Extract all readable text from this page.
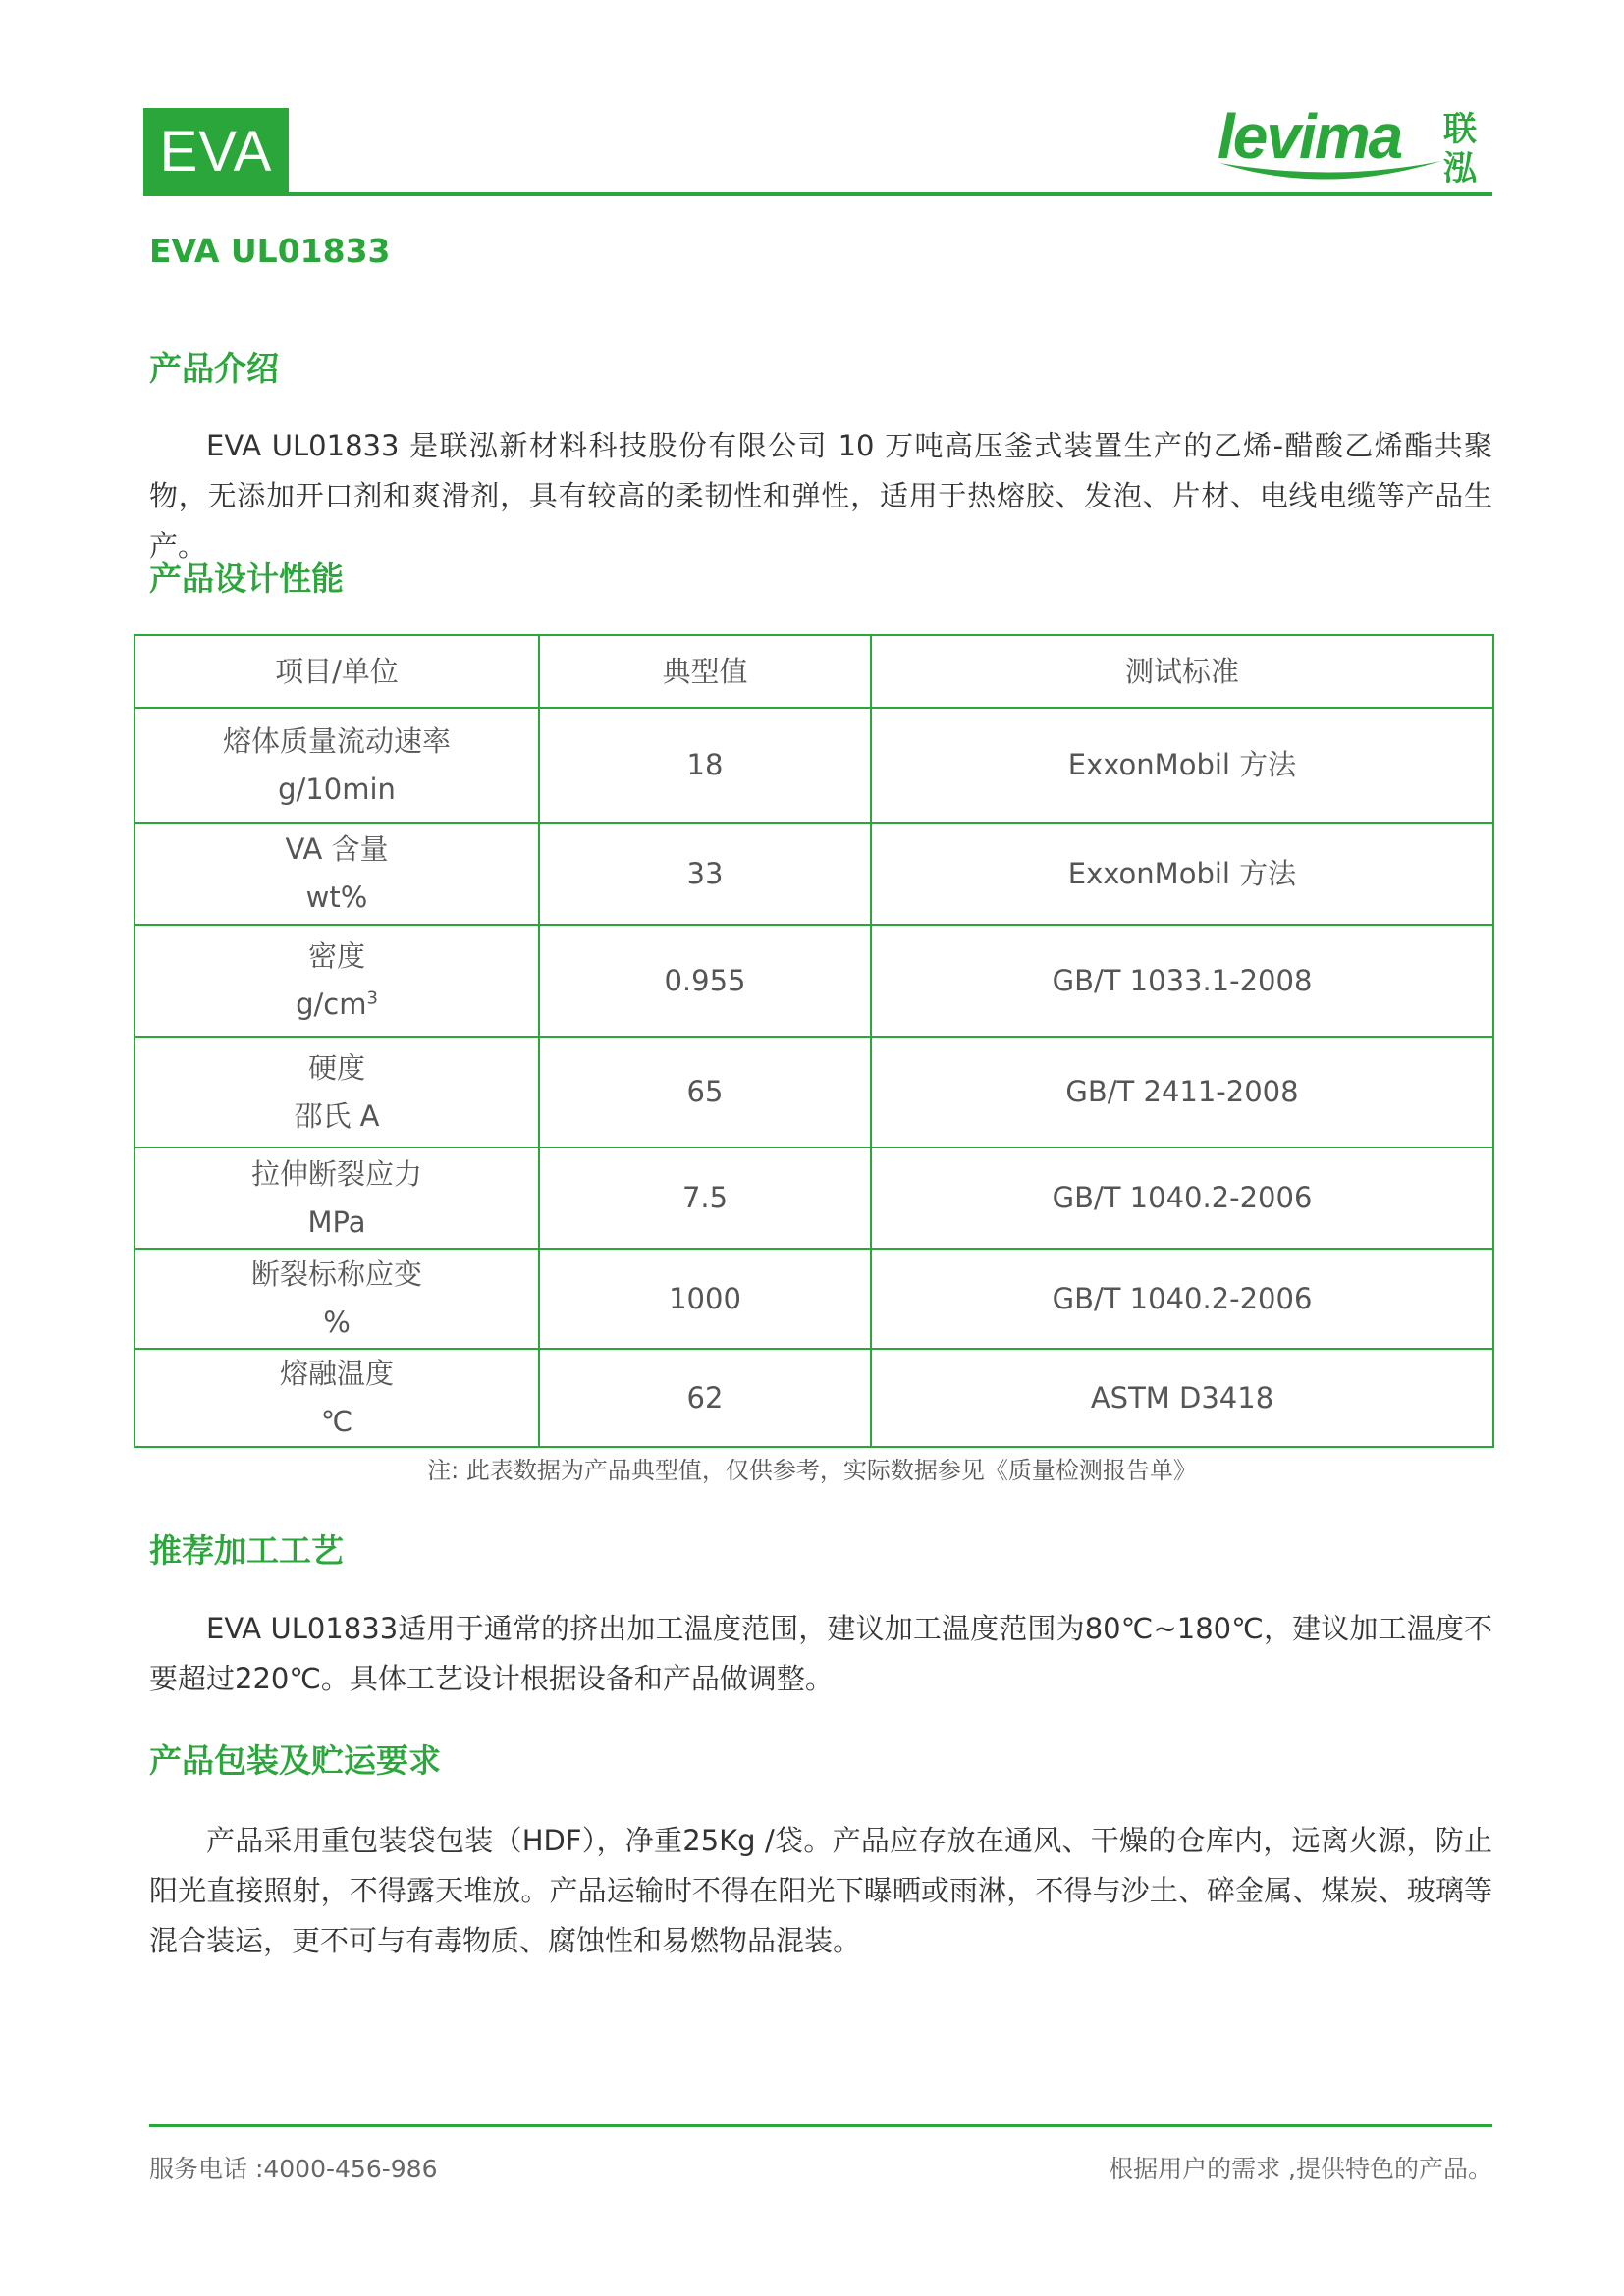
EVA	levima 联泓
EVA UL01833
产品介绍

EVA UL01833 是联泓新材料科技股份有限公司 10 万吨高压釜式装置生产的乙烯-醋酸乙烯酯共聚物，无添加开口剂和爽滑剂，具有较高的柔韧性和弹性，适用于热熔胶、发泡、片材、电线电缆等产品生产。

产品设计性能
项目/单位	典型值	测试标准

熔体质量流动速率
g/10min	18	ExxonMobil 方法

VA 含量
wt%	33	ExxonMobil 方法

密度
$g/cm^3$	0.955	GB/T 1033.1-2008

硬度
邵氏 A	65	GB/T 2411-2008

拉伸断裂应力
MPa	7.5	GB/T 1040.2-2006

断裂标称应变
%	1000	GB/T 1040.2-2006

熔融温度
℃	62	ASTM D3418
注: 此表数据为产品典型值，仅供参考，实际数据参见《质量检测报告单》
推荐加工工艺

EVA UL01833适用于通常的挤出加工温度范围，建议加工温度范围为80℃~180℃，建议加工温度不要超过220℃。具体工艺设计根据设备和产品做调整。

产品包装及贮运要求

产品采用重包装袋包装（HDF），净重25Kg /袋。产品应存放在通风、干燥的仓库内，远离火源，防止阳光直接照射，不得露天堆放。产品运输时不得在阳光下曝晒或雨淋，不得与沙土、碎金属、煤炭、玻璃等混合装运，更不可与有毒物质、腐蚀性和易燃物品混装。

服务电话 :4000-456-986	根据用户的需求 ,提供特色的产品。
